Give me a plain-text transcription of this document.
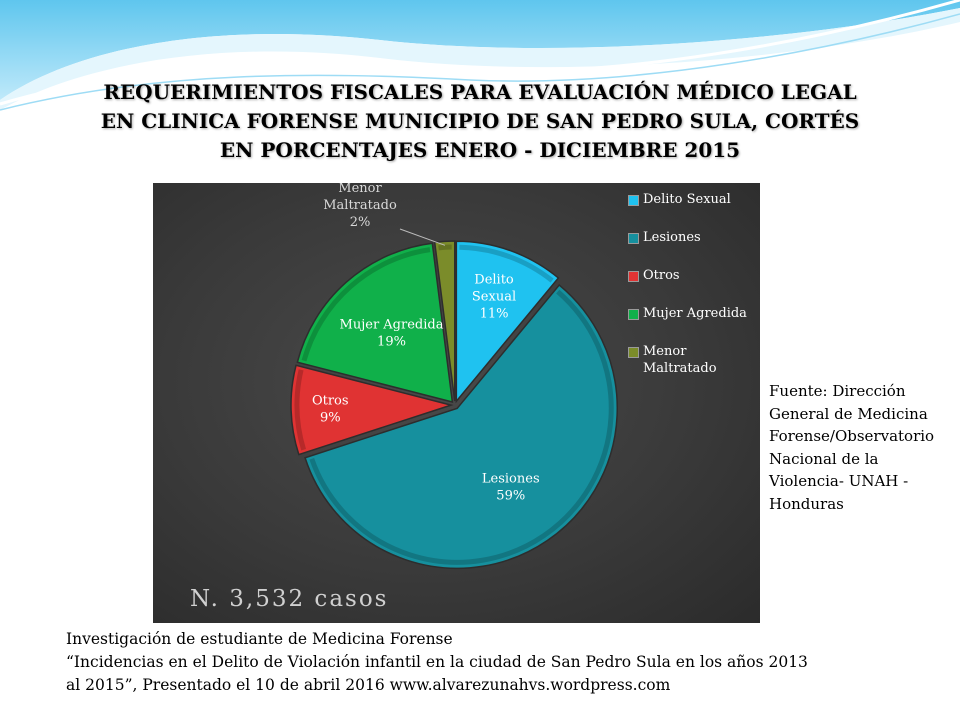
REQUERIMIENTOS FISCALES PARA EVALUACIÓN MÉDICO LEGAL
EN CLINICA FORENSE MUNICIPIO DE SAN PEDRO SULA, CORTÉS
EN PORCENTAJES ENERO - DICIEMBRE 2015
Delito Sexual 11%
Lesiones 59%
Otros 9%
Mujer Agredida 19%
Menor Maltratado 2%
Delito Sexual
Lesiones
Otros
Mujer Agredida
Menor
Maltratado
N. 3,532 casos
Fuente: Dirección General de Medicina Forense/Observatorio Nacional de la Violencia- UNAH - Honduras
Investigación de estudiante de Medicina Forense
“Incidencias en el Delito de Violación infantil en la ciudad de San Pedro Sula en los años 2013
al 2015”, Presentado el 10 de abril 2016 www.alvarezunahvs.wordpress.com
